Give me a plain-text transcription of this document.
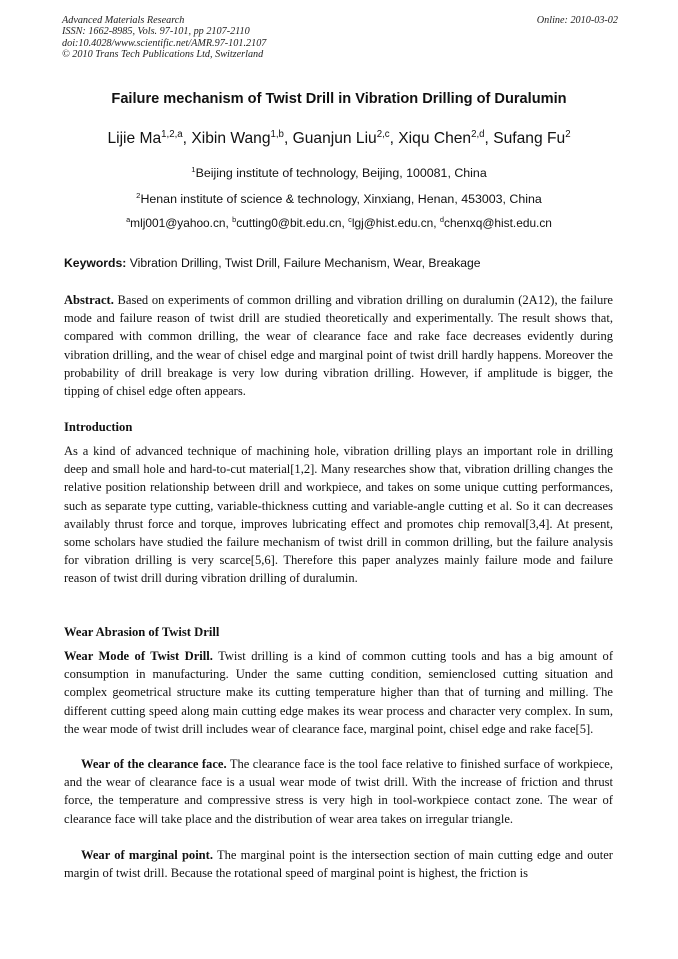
Advanced Materials Research
ISSN: 1662-8985, Vols. 97-101, pp 2107-2110
doi:10.4028/www.scientific.net/AMR.97-101.2107
© 2010 Trans Tech Publications Ltd, Switzerland
Online: 2010-03-02
Failure mechanism of Twist Drill in Vibration Drilling of Duralumin
Lijie Ma$^{1,2,a}$, Xibin Wang$^{1,b}$, Guanjun Liu$^{2,c}$, Xiqu Chen$^{2,d}$, Sufang Fu$^2$
$^1$Beijing institute of technology, Beijing, 100081, China
$^2$Henan institute of science & technology, Xinxiang, Henan, 453003, China
$^a$mlj001@yahoo.cn, $^b$cutting0@bit.edu.cn, $^c$lgj@hist.edu.cn, $^d$chenxq@hist.edu.cn
Keywords: Vibration Drilling, Twist Drill, Failure Mechanism, Wear, Breakage
Abstract. Based on experiments of common drilling and vibration drilling on duralumin (2A12), the failure mode and failure reason of twist drill are studied theoretically and experimentally. The result shows that, compared with common drilling, the wear of clearance face and rake face decreases evidently during vibration drilling, and the wear of chisel edge and marginal point of twist drill hardly happens. Moreover the probability of drill breakage is very low during vibration drilling. However, if amplitude is bigger, the tipping of chisel edge often appears.
Introduction
As a kind of advanced technique of machining hole, vibration drilling plays an important role in drilling deep and small hole and hard-to-cut material[1,2]. Many researches show that, vibration drilling changes the relative position relationship between drill and workpiece, and takes on some unique cutting performances, such as separate type cutting, variable-thickness cutting and variable-angle cutting et al. So it can decreases availably thrust force and torque, improves lubricating effect and promotes chip removal[3,4]. At present, some scholars have studied the failure mechanism of twist drill in common drilling, but the failure analysis for vibration drilling is very scarce[5,6]. Therefore this paper analyzes mainly failure mode and failure reason of twist drill during vibration drilling of duralumin.
Wear Abrasion of Twist Drill
Wear Mode of Twist Drill. Twist drilling is a kind of common cutting tools and has a big amount of consumption in manufacturing. Under the same cutting condition, semienclosed cutting situation and complex geometrical structure make its cutting temperature higher than that of turning and milling. The different cutting speed along main cutting edge makes its wear process and character very complex. In sum, the wear mode of twist drill includes wear of clearance face, marginal point, chisel edge and rake face[5].
Wear of the clearance face. The clearance face is the tool face relative to finished surface of workpiece, and the wear of clearance face is a usual wear mode of twist drill. With the increase of friction and thrust force, the temperature and compressive stress is very high in tool-workpiece contact zone. The wear of clearance face will take place and the distribution of wear area takes on irregular triangle.
Wear of marginal point. The marginal point is the intersection section of main cutting edge and outer margin of twist drill. Because the rotational speed of marginal point is highest, the friction is
